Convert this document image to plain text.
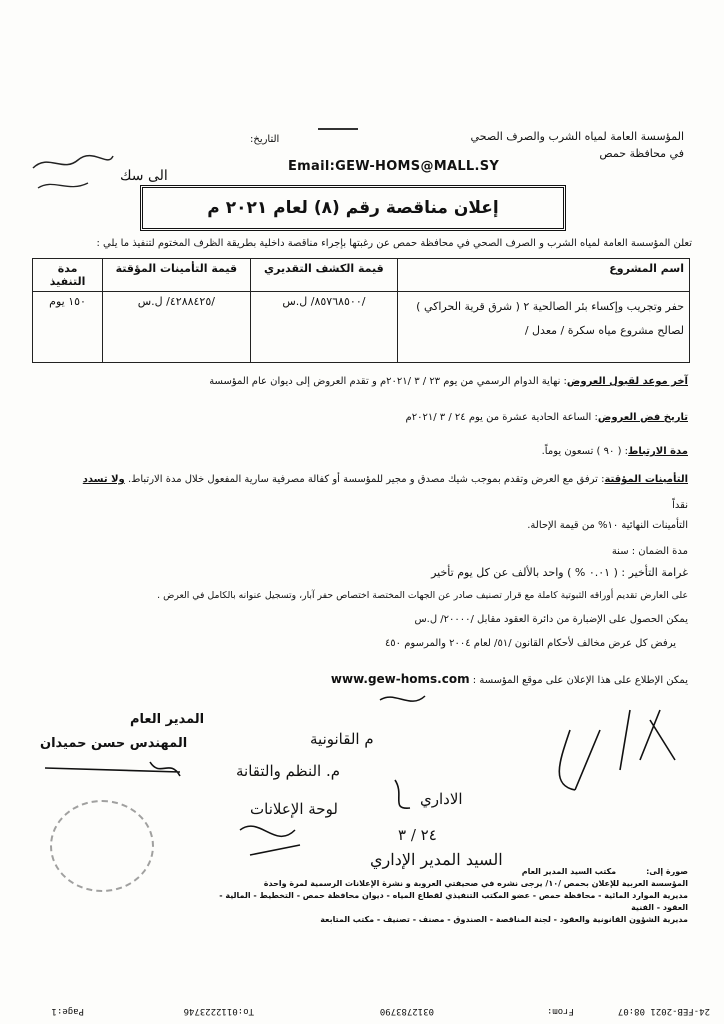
المؤسسة العامة لمياه الشرب والصرف الصحي
في محافظة حمص
التاريخ:
الى سك
Email:GEW-HOMS@MALL.SY
إعلان مناقصة رقم (٨) لعام ٢٠٢١ م
تعلن المؤسسة العامة لمياه الشرب و الصرف الصحي في محافظة حمص عن رغبتها بإجراء مناقصة داخلية بطريقة الظرف المختوم لتنفيذ ما يلي :
اسم المشروع	قيمة الكشف التقديري	قيمة التأمينات المؤقتة	مدة التنفيذ

حفر وتجريب وإكساء بئر الصالحية ٢ ( شرق قرية الحراكي )
لصالح مشروع مياه سكرة / معدل /	/٨٥٧٦٨٥٠٠/ ل.س	/٤٢٨٨٤٢٥/ ل.س	١٥٠ يوم
آخر موعد لقبول العروض: نهاية الدوام الرسمي من يوم ٢٣ / ٣ /٢٠٢١م و تقدم العروض إلى ديوان عام المؤسسة
تاريخ فض العروض: الساعة الحادية عشرة من يوم ٢٤ / ٣ /٢٠٢١م
مدة الارتباط: ( ٩٠ ) تسعون يوماً.
التأمينات المؤقتة: ترفق مع العرض وتقدم بموجب شيك مصدق و مجير للمؤسسة أو كفالة مصرفية سارية المفعول خلال مدة الارتباط. ولا تسدد
نقداً
التأمينات النهائية ١٠% من قيمة الإحالة.
مدة الضمان : سنة
غرامة التأخير : ( ٠.٠١ % ) واحد بالألف عن كل يوم تأخير
على العارض تقديم أوراقه الثبوتية كاملة مع قرار تصنيف صادر عن الجهات المختصة اختصاص حفر آبار، وتسجيل عنوانه بالكامل في العرض .
يمكن الحصول على الإضبارة من دائرة العقود مقابل /٢٠٠٠٠/ ل.س
يرفض كل عرض مخالف لأحكام القانون /٥١/ لعام ٢٠٠٤ والمرسوم ٤٥٠
يمكن الإطلاع على هذا الإعلان على موقع المؤسسة : www.gew-homs.com
المدير العام
المهندس حسن حميدان	م القانونية
م. النظم والتقانة
الاداري
لوحة الإعلانات
٢٤ / ٣
السيد المدير الإداري
صورة إلى:مكتب السيد المدير العام
المؤسسة العربية للإعلان بحمص /١٠/ يرجى نشره في صحيفتي العروبة و نشرة الإعلانات الرسمية لمرة واحدة
مديرية الموارد المائية - محافظة حمص - عضو المكتب التنفيذي لقطاع المياه - ديوان محافظة حمص - التخطيط - المالية - العقود - الفنية
مديرية الشؤون القانونية والعقود - لجنة المناقصة - الصندوق - مصنف - تصنيف - مكتب المتابعة
24-FEB-2021 08:07
From:
0312783790
To:0112223746
Page:1
